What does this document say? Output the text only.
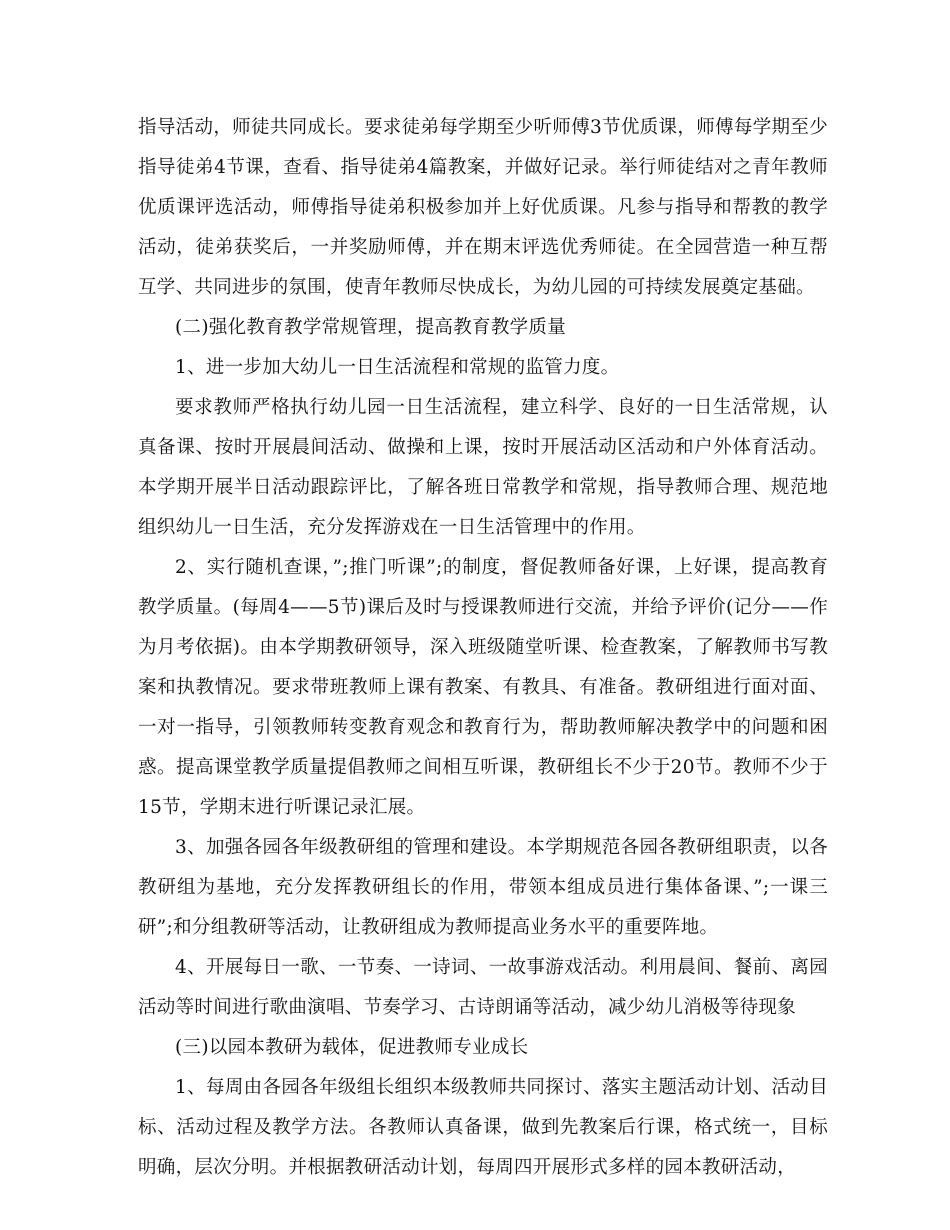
指导活动，师徒共同成长。要求徒弟每学期至少听师傅3节优质课，师傅每学期至少指导徒弟4节课，查看、指导徒弟4篇教案，并做好记录。举行师徒结对之青年教师优质课评选活动，师傅指导徒弟积极参加并上好优质课。凡参与指导和帮教的教学活动，徒弟获奖后，一并奖励师傅，并在期末评选优秀师徒。在全园营造一种互帮互学、共同进步的氛围，使青年教师尽快成长，为幼儿园的可持续发展奠定基础。

(二)强化教育教学常规管理，提高教育教学质量

1、进一步加大幼儿一日生活流程和常规的监管力度。

要求教师严格执行幼儿园一日生活流程，建立科学、良好的一日生活常规，认真备课、按时开展晨间活动、做操和上课，按时开展活动区活动和户外体育活动。本学期开展半日活动跟踪评比，了解各班日常教学和常规，指导教师合理、规范地组织幼儿一日生活，充分发挥游戏在一日生活管理中的作用。

2、实行随机查课，”;推门听课”;的制度，督促教师备好课，上好课，提高教育教学质量。(每周4——5节)课后及时与授课教师进行交流，并给予评价(记分——作为月考依据)。由本学期教研领导，深入班级随堂听课、检查教案，了解教师书写教案和执教情况。要求带班教师上课有教案、有教具、有准备。教研组进行面对面、一对一指导，引领教师转变教育观念和教育行为，帮助教师解决教学中的问题和困惑。提高课堂教学质量提倡教师之间相互听课，教研组长不少于20节。教师不少于15节，学期末进行听课记录汇展。

3、加强各园各年级教研组的管理和建设。本学期规范各园各教研组职责，以各教研组为基地，充分发挥教研组长的作用，带领本组成员进行集体备课、”;一课三研”;和分组教研等活动，让教研组成为教师提高业务水平的重要阵地。

4、开展每日一歌、一节奏、一诗词、一故事游戏活动。利用晨间、餐前、离园活动等时间进行歌曲演唱、节奏学习、古诗朗诵等活动，减少幼儿消极等待现象

(三)以园本教研为载体，促进教师专业成长

1、每周由各园各年级组长组织本级教师共同探讨、落实主题活动计划、活动目标、活动过程及教学方法。各教师认真备课，做到先教案后行课，格式统一，目标明确，层次分明。并根据教研活动计划，每周四开展形式多样的园本教研活动，
